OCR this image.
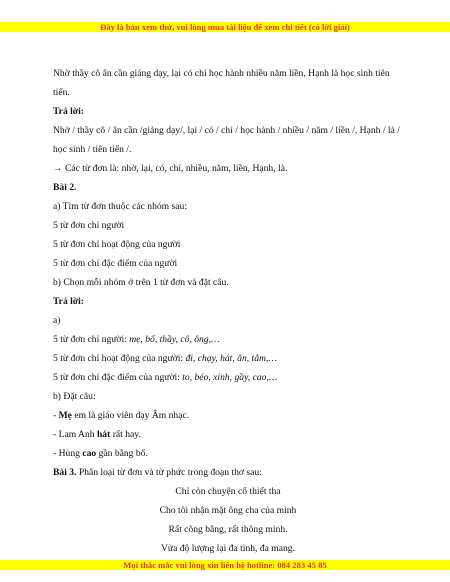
Đây là bản xem thử, vui lòng mua tài liệu để xem chi tiết (có lời giải)

Nhờ thầy cô ân cần giảng dạy, lại có chí học hành nhiều năm liền, Hạnh là học sinh tiên tiến.

Trả lời:

Nhờ / thầy cô / ân cần /giảng dạy/, lại / có / chí / học hành / nhiều / năm / liền /, Hạnh / là / học sinh / tiên tiến /.

→ Các từ đơn là: nhờ, lại, có, chí, nhiều, năm, liền, Hạnh, là.

Bài 2.

a) Tìm từ đơn thuộc các nhóm sau:

5 từ đơn chỉ người

5 từ đơn chỉ hoạt động của người

5 từ đơn chỉ đặc điểm của người

b) Chọn mỗi nhóm ở trên 1 từ đơn và đặt câu.

Trả lời:

a)

5 từ đơn chỉ người: mẹ, bố, thầy, cô, ông,…

5 từ đơn chỉ hoạt động của người: đi, chạy, hát, ăn, tắm,…

5 từ đơn chỉ đặc điểm của người: to, béo, xinh, gầy, cao,…

b) Đặt câu:

- Mẹ em là giáo viên dạy Âm nhạc.

- Lam Anh hát rất hay.

- Hùng cao gần bằng bố.

Bài 3. Phân loại từ đơn và từ phức trong đoạn thơ sau:

Chỉ còn chuyện cổ thiết tha

Cho tôi nhận mặt ông cha của mình

Rất công bằng, rất thông minh.

Vừa độ lượng lại đa tình, đa mang.

Mọi thắc mắc vui lòng xin liên hệ hotline: 084 283 45 85
